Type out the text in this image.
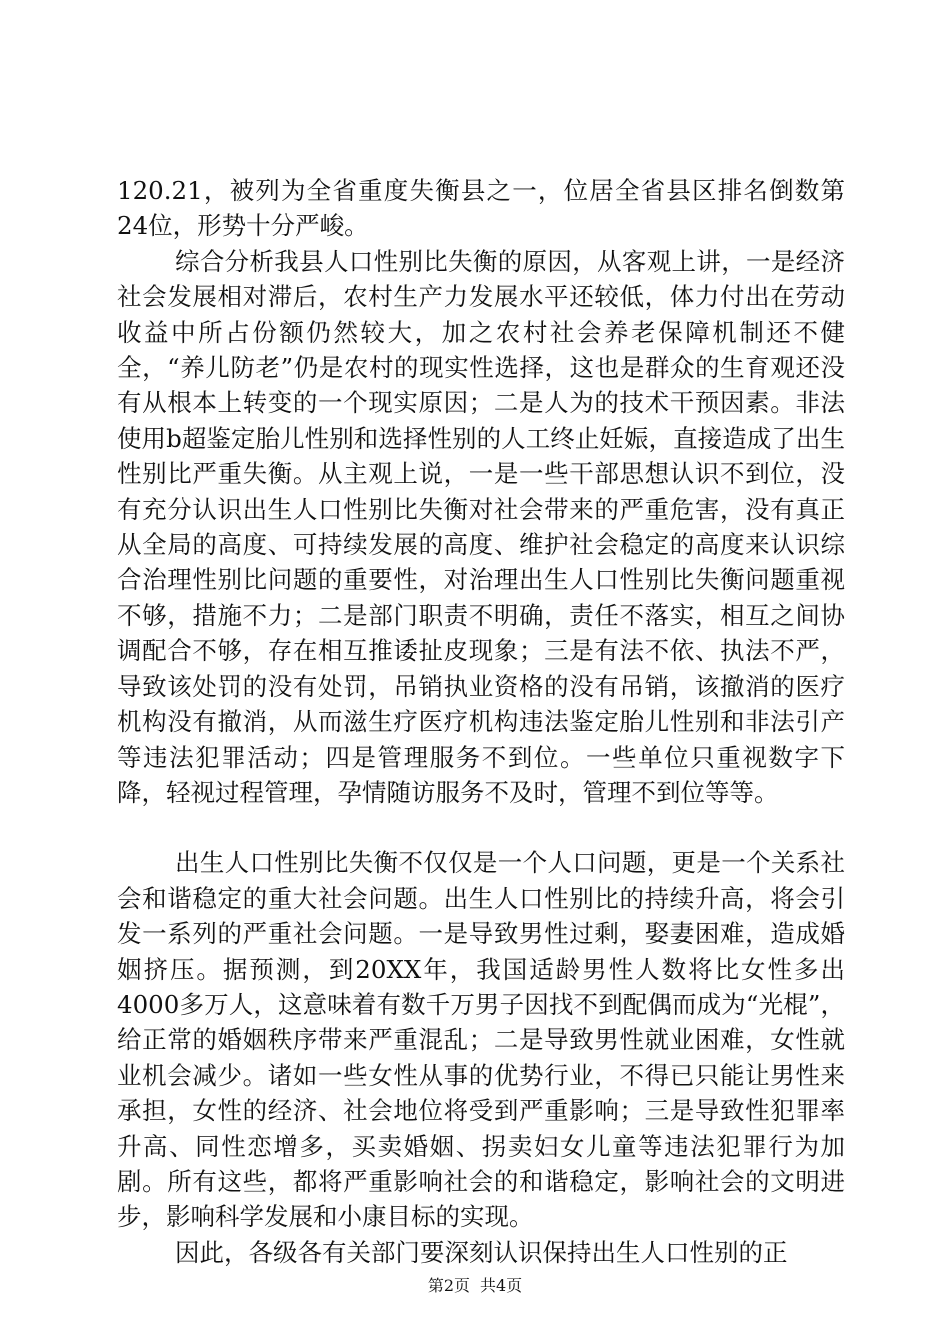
120.21，被列为全省重度失衡县之一，位居全省县区排名倒数第24位，形势十分严峻。

综合分析我县人口性别比失衡的原因，从客观上讲，一是经济社会发展相对滞后，农村生产力发展水平还较低，体力付出在劳动收益中所占份额仍然较大，加之农村社会养老保障机制还不健全，“养儿防老”仍是农村的现实性选择，这也是群众的生育观还没有从根本上转变的一个现实原因；二是人为的技术干预因素。非法使用b超鉴定胎儿性别和选择性别的人工终止妊娠，直接造成了出生性别比严重失衡。从主观上说，一是一些干部思想认识不到位，没有充分认识出生人口性别比失衡对社会带来的严重危害，没有真正从全局的高度、可持续发展的高度、维护社会稳定的高度来认识综合治理性别比问题的重要性，对治理出生人口性别比失衡问题重视不够，措施不力；二是部门职责不明确，责任不落实，相互之间协调配合不够，存在相互推诿扯皮现象；三是有法不依、执法不严，导致该处罚的没有处罚，吊销执业资格的没有吊销，该撤消的医疗机构没有撤消，从而滋生疗医疗机构违法鉴定胎儿性别和非法引产等违法犯罪活动；四是管理服务不到位。一些单位只重视数字下降，轻视过程管理，孕情随访服务不及时，管理不到位等等。

出生人口性别比失衡不仅仅是一个人口问题，更是一个关系社会和谐稳定的重大社会问题。出生人口性别比的持续升高，将会引发一系列的严重社会问题。一是导致男性过剩，娶妻困难，造成婚姻挤压。据预测，到20XX年，我国适龄男性人数将比女性多出4000多万人，这意味着有数千万男子因找不到配偶而成为“光棍”，给正常的婚姻秩序带来严重混乱；二是导致男性就业困难，女性就业机会减少。诸如一些女性从事的优势行业，不得已只能让男性来承担，女性的经济、社会地位将受到严重影响；三是导致性犯罪率升高、同性恋增多，买卖婚姻、拐卖妇女儿童等违法犯罪行为加剧。所有这些，都将严重影响社会的和谐稳定，影响社会的文明进步，影响科学发展和小康目标的实现。

因此，各级各有关部门要深刻认识保持出生人口性别的正

第2页 共4页
